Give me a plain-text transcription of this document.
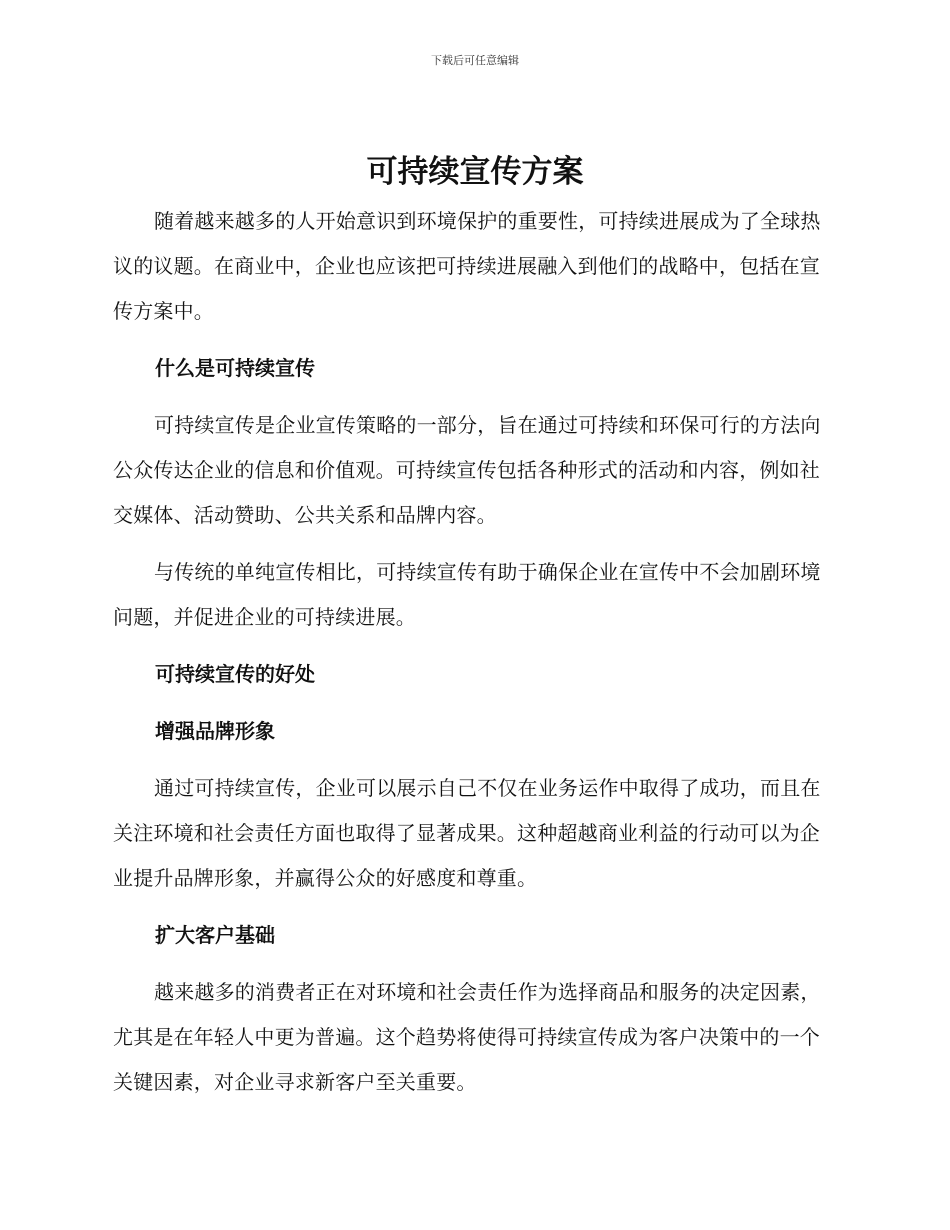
下载后可任意编辑
可持续宣传方案

随着越来越多的人开始意识到环境保护的重要性，可持续进展成为了全球热议的议题。在商业中，企业也应该把可持续进展融入到他们的战略中，包括在宣传方案中。

什么是可持续宣传

可持续宣传是企业宣传策略的一部分，旨在通过可持续和环保可行的方法向公众传达企业的信息和价值观。可持续宣传包括各种形式的活动和内容，例如社交媒体、活动赞助、公共关系和品牌内容。

与传统的单纯宣传相比，可持续宣传有助于确保企业在宣传中不会加剧环境问题，并促进企业的可持续进展。

可持续宣传的好处

增强品牌形象

通过可持续宣传，企业可以展示自己不仅在业务运作中取得了成功，而且在关注环境和社会责任方面也取得了显著成果。这种超越商业利益的行动可以为企业提升品牌形象，并赢得公众的好感度和尊重。

扩大客户基础

越来越多的消费者正在对环境和社会责任作为选择商品和服务的决定因素，尤其是在年轻人中更为普遍。这个趋势将使得可持续宣传成为客户决策中的一个关键因素，对企业寻求新客户至关重要。
